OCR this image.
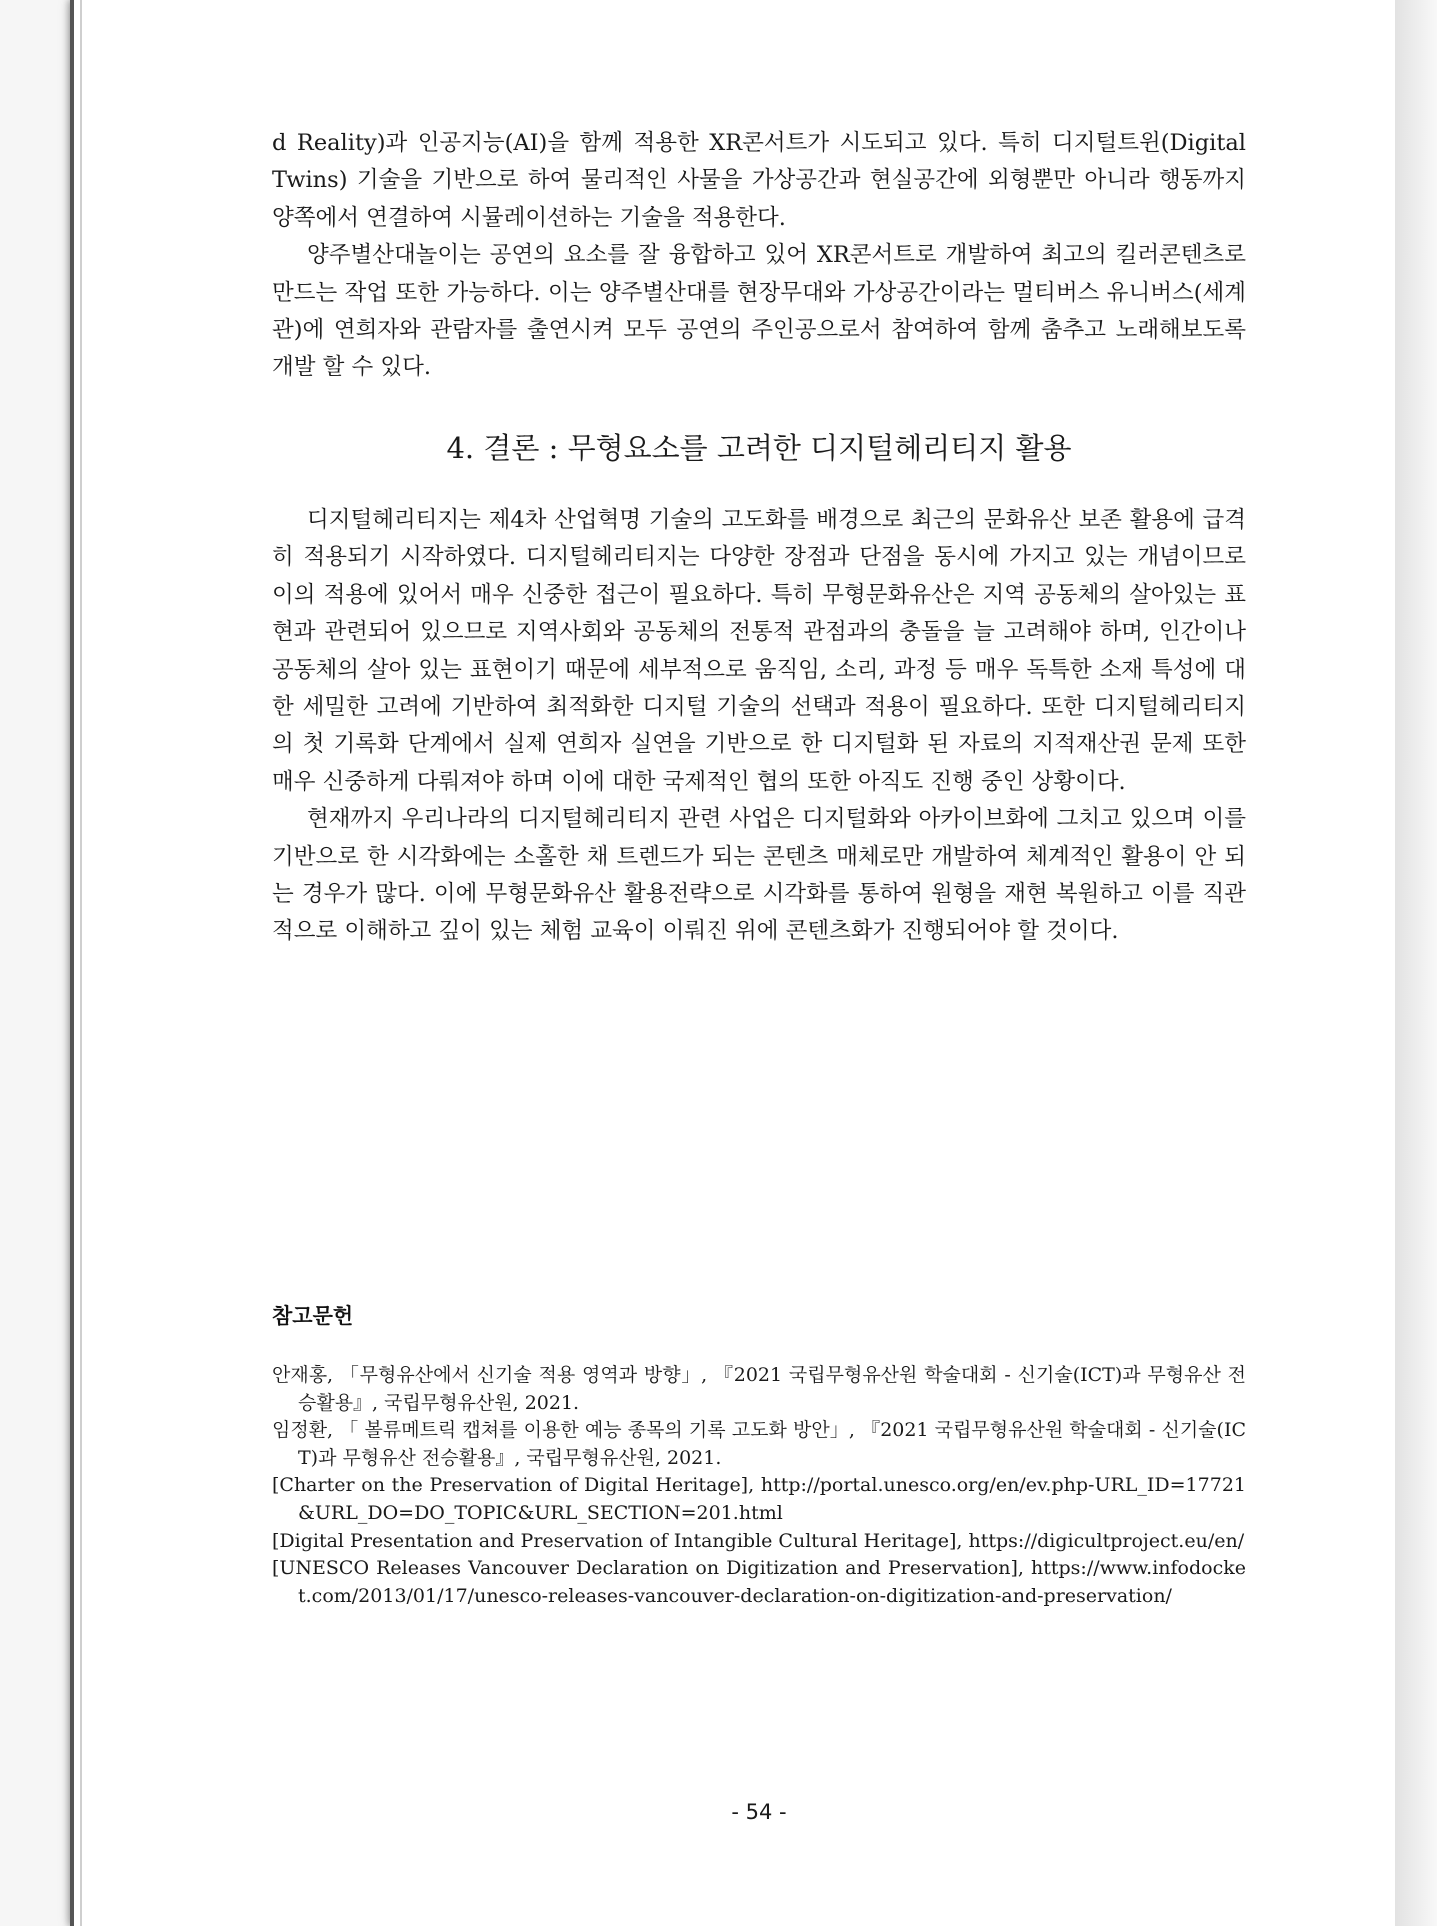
d Reality)과 인공지능(AI)을 함께 적용한 XR콘서트가 시도되고 있다. 특히 디지털트윈(Digital Twins) 기술을 기반으로 하여 물리적인 사물을 가상공간과 현실공간에 외형뿐만 아니라 행동까지 양쪽에서 연결하여 시뮬레이션하는 기술을 적용한다.

양주별산대놀이는 공연의 요소를 잘 융합하고 있어 XR콘서트로 개발하여 최고의 킬러콘텐츠로 만드는 작업 또한 가능하다. 이는 양주별산대를 현장무대와 가상공간이라는 멀티버스 유니버스(세계관)에 연희자와 관람자를 출연시켜 모두 공연의 주인공으로서 참여하여 함께 춤추고 노래해보도록 개발 할 수 있다.

4. 결론 : 무형요소를 고려한 디지털헤리티지 활용

디지털헤리티지는 제4차 산업혁명 기술의 고도화를 배경으로 최근의 문화유산 보존 활용에 급격히 적용되기 시작하였다. 디지털헤리티지는 다양한 장점과 단점을 동시에 가지고 있는 개념이므로 이의 적용에 있어서 매우 신중한 접근이 필요하다. 특히 무형문화유산은 지역 공동체의 살아있는 표현과 관련되어 있으므로 지역사회와 공동체의 전통적 관점과의 충돌을 늘 고려해야 하며, 인간이나 공동체의 살아 있는 표현이기 때문에 세부적으로 움직임, 소리, 과정 등 매우 독특한 소재 특성에 대한 세밀한 고려에 기반하여 최적화한 디지털 기술의 선택과 적용이 필요하다. 또한 디지털헤리티지의 첫 기록화 단계에서 실제 연희자 실연을 기반으로 한 디지털화 된 자료의 지적재산권 문제 또한 매우 신중하게 다뤄져야 하며 이에 대한 국제적인 협의 또한 아직도 진행 중인 상황이다.

현재까지 우리나라의 디지털헤리티지 관련 사업은 디지털화와 아카이브화에 그치고 있으며 이를 기반으로 한 시각화에는 소홀한 채 트렌드가 되는 콘텐츠 매체로만 개발하여 체계적인 활용이 안 되는 경우가 많다. 이에 무형문화유산 활용전략으로 시각화를 통하여 원형을 재현 복원하고 이를 직관적으로 이해하고 깊이 있는 체험 교육이 이뤄진 위에 콘텐츠화가 진행되어야 할 것이다.

참고문헌

안재홍, 「무형유산에서 신기술 적용 영역과 방향」, 『2021 국립무형유산원 학술대회 - 신기술(ICT)과 무형유산 전승활용』, 국립무형유산원, 2021.

임정환, 「 볼류메트릭 캡쳐를 이용한 예능 종목의 기록 고도화 방안」, 『2021 국립무형유산원 학술대회 - 신기술(ICT)과 무형유산 전승활용』, 국립무형유산원, 2021.

[Charter on the Preservation of Digital Heritage], http://portal.unesco.org/en/ev.php-URL_ID=17721&URL_DO=DO_TOPIC&URL_SECTION=201.html

[Digital Presentation and Preservation of Intangible Cultural Heritage], https://digicultproject.eu/en/

[UNESCO Releases Vancouver Declaration on Digitization and Preservation], https://www.infodocket.com/2013/01/17/unesco-releases-vancouver-declaration-on-digitization-and-preservation/

- 54 -
